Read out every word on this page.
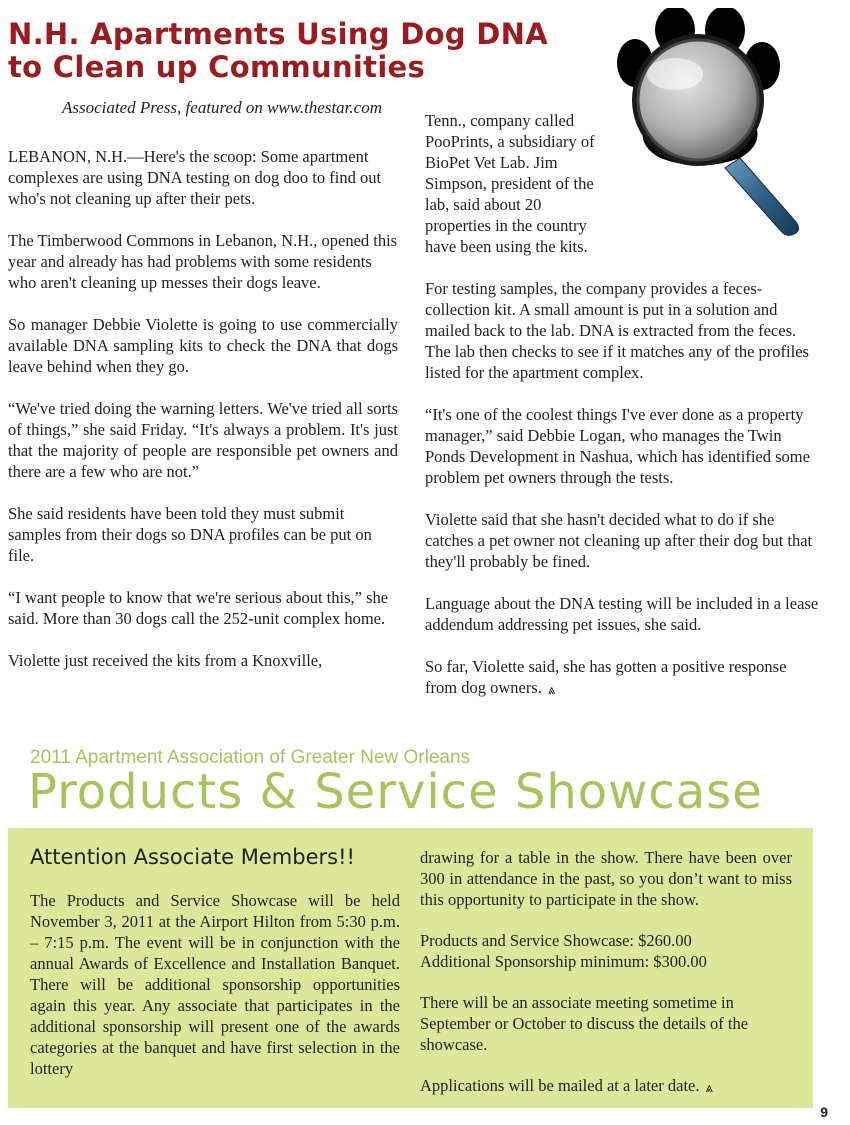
N.H. Apartments Using Dog DNA
to Clean up Communities
Associated Press, featured on www.thestar.com

LEBANON, N.H.—Here's the scoop: Some apartment complexes are using DNA testing on dog doo to find out who's not cleaning up after their pets.

The Timberwood Commons in Lebanon, N.H., opened this year and already has had problems with some residents who aren't cleaning up messes their dogs leave.

So manager Debbie Violette is going to use commercially available DNA sampling kits to check the DNA that dogs leave behind when they go.

“We've tried doing the warning letters. We've tried all sorts of things,” she said Friday. “It's always a problem. It's just that the majority of people are responsible pet owners and there are a few who are not.”

She said residents have been told they must submit samples from their dogs so DNA profiles can be put on file.

“I want people to know that we're serious about this,” she said. More than 30 dogs call the 252-unit complex home.

Violette just received the kits from a Knoxville,

Tenn., company called PooPrints, a subsidiary of BioPet Vet Lab. Jim Simpson, president of the lab, said about 20 properties in the country have been using the kits.

For testing samples, the company provides a feces-collection kit. A small amount is put in a solution and mailed back to the lab. DNA is extracted from the feces. The lab then checks to see if it matches any of the profiles listed for the apartment complex.

“It's one of the coolest things I've ever done as a property manager,” said Debbie Logan, who manages the Twin Ponds Development in Nashua, which has identified some problem pet owners through the tests.

Violette said that she hasn't decided what to do if she catches a pet owner not cleaning up after their dog but that they'll probably be fined.

Language about the DNA testing will be included in a lease addendum addressing pet issues, she said.

So far, Violette said, she has gotten a positive response from dog owners. ⩓

2011 Apartment Association of Greater New Orleans
Products & Service Showcase
Attention Associate Members!!

The Products and Service Showcase will be held November 3, 2011 at the Airport Hilton from 5:30 p.m. – 7:15 p.m. The event will be in conjunction with the annual Awards of Excellence and Installation Banquet. There will be additional sponsorship opportunities again this year. Any associate that participates in the additional sponsorship will present one of the awards categories at the banquet and have first selection in the lottery

drawing for a table in the show. There have been over 300 in attendance in the past, so you don’t want to miss this opportunity to participate in the show.

Products and Service Showcase: $260.00
Additional Sponsorship minimum: $300.00

There will be an associate meeting sometime in September or October to discuss the details of the showcase.

Applications will be mailed at a later date. ⩓

9
